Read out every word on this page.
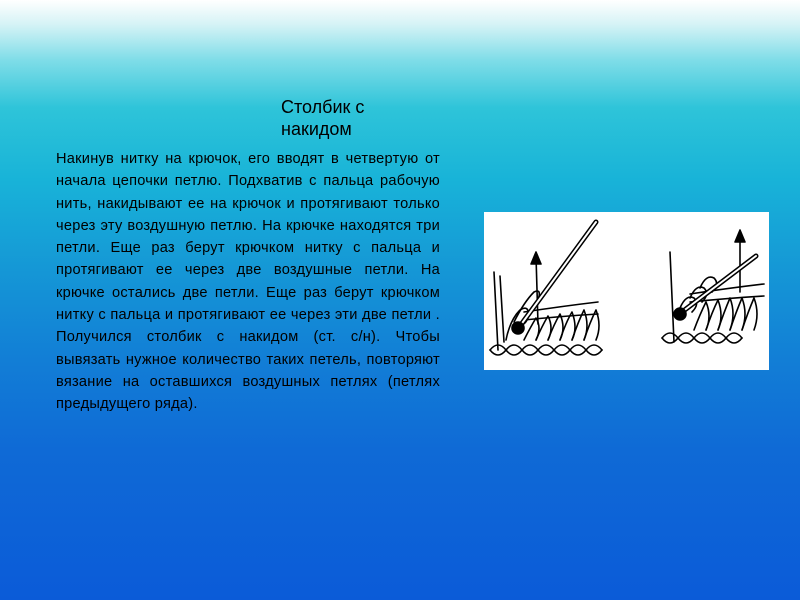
Столбик с накидом

Накинув нитку на крючок, его вводят в четвертую от начала цепочки петлю. Подхватив с пальца рабочую нить, накидывают ее на крючок и протягивают только через эту воздушную петлю. На крючке находятся три петли. Еще раз берут крючком нитку с пальца и протягивают ее через две воздушные петли. На крючке остались две петли. Еще раз берут крючком нитку с пальца и протягивают ее через эти две петли . Получился столбик с накидом (ст. с/н). Чтобы вывязать нужное количество таких петель, повторяют вязание на оставшихся воздушных петлях (петлях предыдущего ряда).
